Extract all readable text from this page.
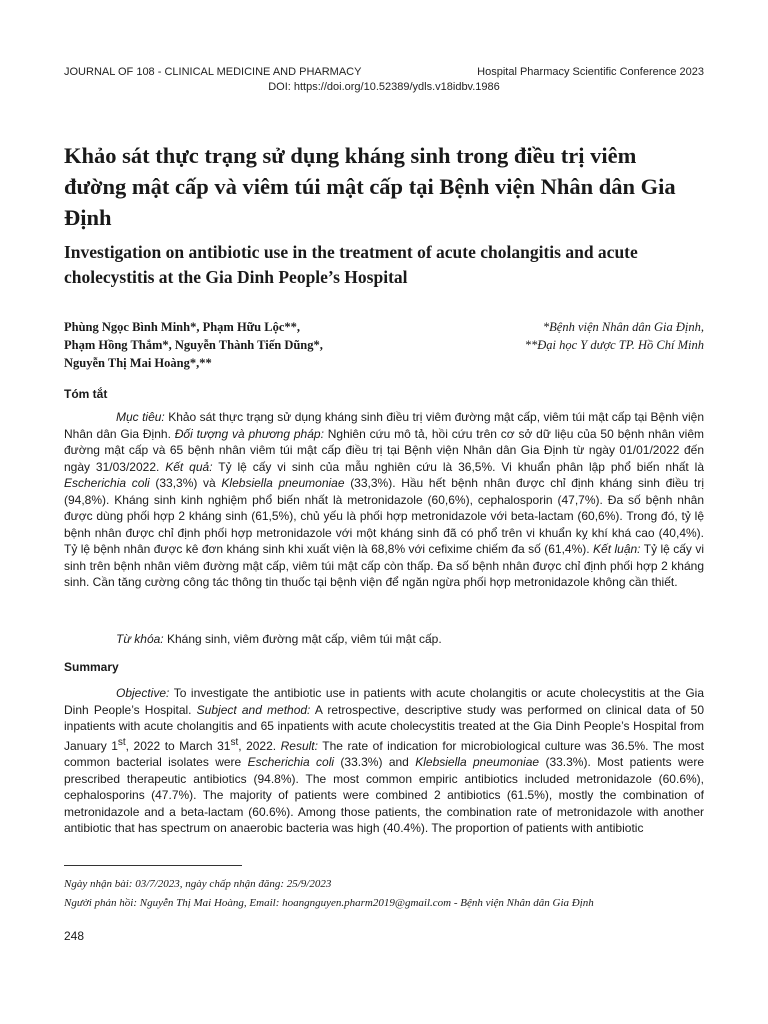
JOURNAL OF 108 - CLINICAL MEDICINE AND PHARMACY	Hospital Pharmacy Scientific Conference 2023
DOI: https://doi.org/10.52389/ydls.v18idbv.1986
Khảo sát thực trạng sử dụng kháng sinh trong điều trị viêm đường mật cấp và viêm túi mật cấp tại Bệnh viện Nhân dân Gia Định
Investigation on antibiotic use in the treatment of acute cholangitis and acute cholecystitis at the Gia Dinh People’s Hospital
Phùng Ngọc Bình Minh*, Phạm Hữu Lộc**,
Phạm Hồng Thắm*, Nguyễn Thành Tiến Dũng*,
Nguyễn Thị Mai Hoàng*,**
*Bệnh viện Nhân dân Gia Định,
**Đại học Y dược TP. Hồ Chí Minh
Tóm tắt
Mục tiêu: Khảo sát thực trạng sử dụng kháng sinh điều trị viêm đường mật cấp, viêm túi mật cấp tại Bệnh viện Nhân dân Gia Định. Đối tượng và phương pháp: Nghiên cứu mô tả, hồi cứu trên cơ sở dữ liệu của 50 bệnh nhân viêm đường mật cấp và 65 bệnh nhân viêm túi mật cấp điều trị tại Bệnh viện Nhân dân Gia Định từ ngày 01/01/2022 đến ngày 31/03/2022. Kết quả: Tỷ lệ cấy vi sinh của mẫu nghiên cứu là 36,5%. Vi khuẩn phân lập phổ biến nhất là Escherichia coli (33,3%) và Klebsiella pneumoniae (33,3%). Hầu hết bệnh nhân được chỉ định kháng sinh điều trị (94,8%). Kháng sinh kinh nghiệm phổ biến nhất là metronidazole (60,6%), cephalosporin (47,7%). Đa số bệnh nhân được dùng phối hợp 2 kháng sinh (61,5%), chủ yếu là phối hợp metronidazole với beta-lactam (60,6%). Trong đó, tỷ lệ bệnh nhân được chỉ định phối hợp metronidazole với một kháng sinh đã có phổ trên vi khuẩn kỵ khí khá cao (40,4%). Tỷ lệ bệnh nhân được kê đơn kháng sinh khi xuất viện là 68,8% với cefixime chiếm đa số (61,4%). Kết luận: Tỷ lệ cấy vi sinh trên bệnh nhân viêm đường mật cấp, viêm túi mật cấp còn thấp. Đa số bệnh nhân được chỉ định phối hợp 2 kháng sinh. Cần tăng cường công tác thông tin thuốc tại bệnh viện để ngăn ngừa phối hợp metronidazole không cần thiết.
Từ khóa: Kháng sinh, viêm đường mật cấp, viêm túi mật cấp.
Summary
Objective: To investigate the antibiotic use in patients with acute cholangitis or acute cholecystitis at the Gia Dinh People’s Hospital. Subject and method: A retrospective, descriptive study was performed on clinical data of 50 inpatients with acute cholangitis and 65 inpatients with acute cholecystitis treated at the Gia Dinh People’s Hospital from January 1st, 2022 to March 31st, 2022. Result: The rate of indication for microbiological culture was 36.5%. The most common bacterial isolates were Escherichia coli (33.3%) and Klebsiella pneumoniae (33.3%). Most patients were prescribed therapeutic antibiotics (94.8%). The most common empiric antibiotics included metronidazole (60.6%), cephalosporins (47.7%). The majority of patients were combined 2 antibiotics (61.5%), mostly the combination of metronidazole and a beta-lactam (60.6%). Among those patients, the combination rate of metronidazole with another antibiotic that has spectrum on anaerobic bacteria was high (40.4%). The proportion of patients with antibiotic
Ngày nhận bài: 03/7/2023, ngày chấp nhận đăng: 25/9/2023
Người phản hồi: Nguyễn Thị Mai Hoàng, Email: hoangnguyen.pharm2019@gmail.com - Bệnh viện Nhân dân Gia Định
248
